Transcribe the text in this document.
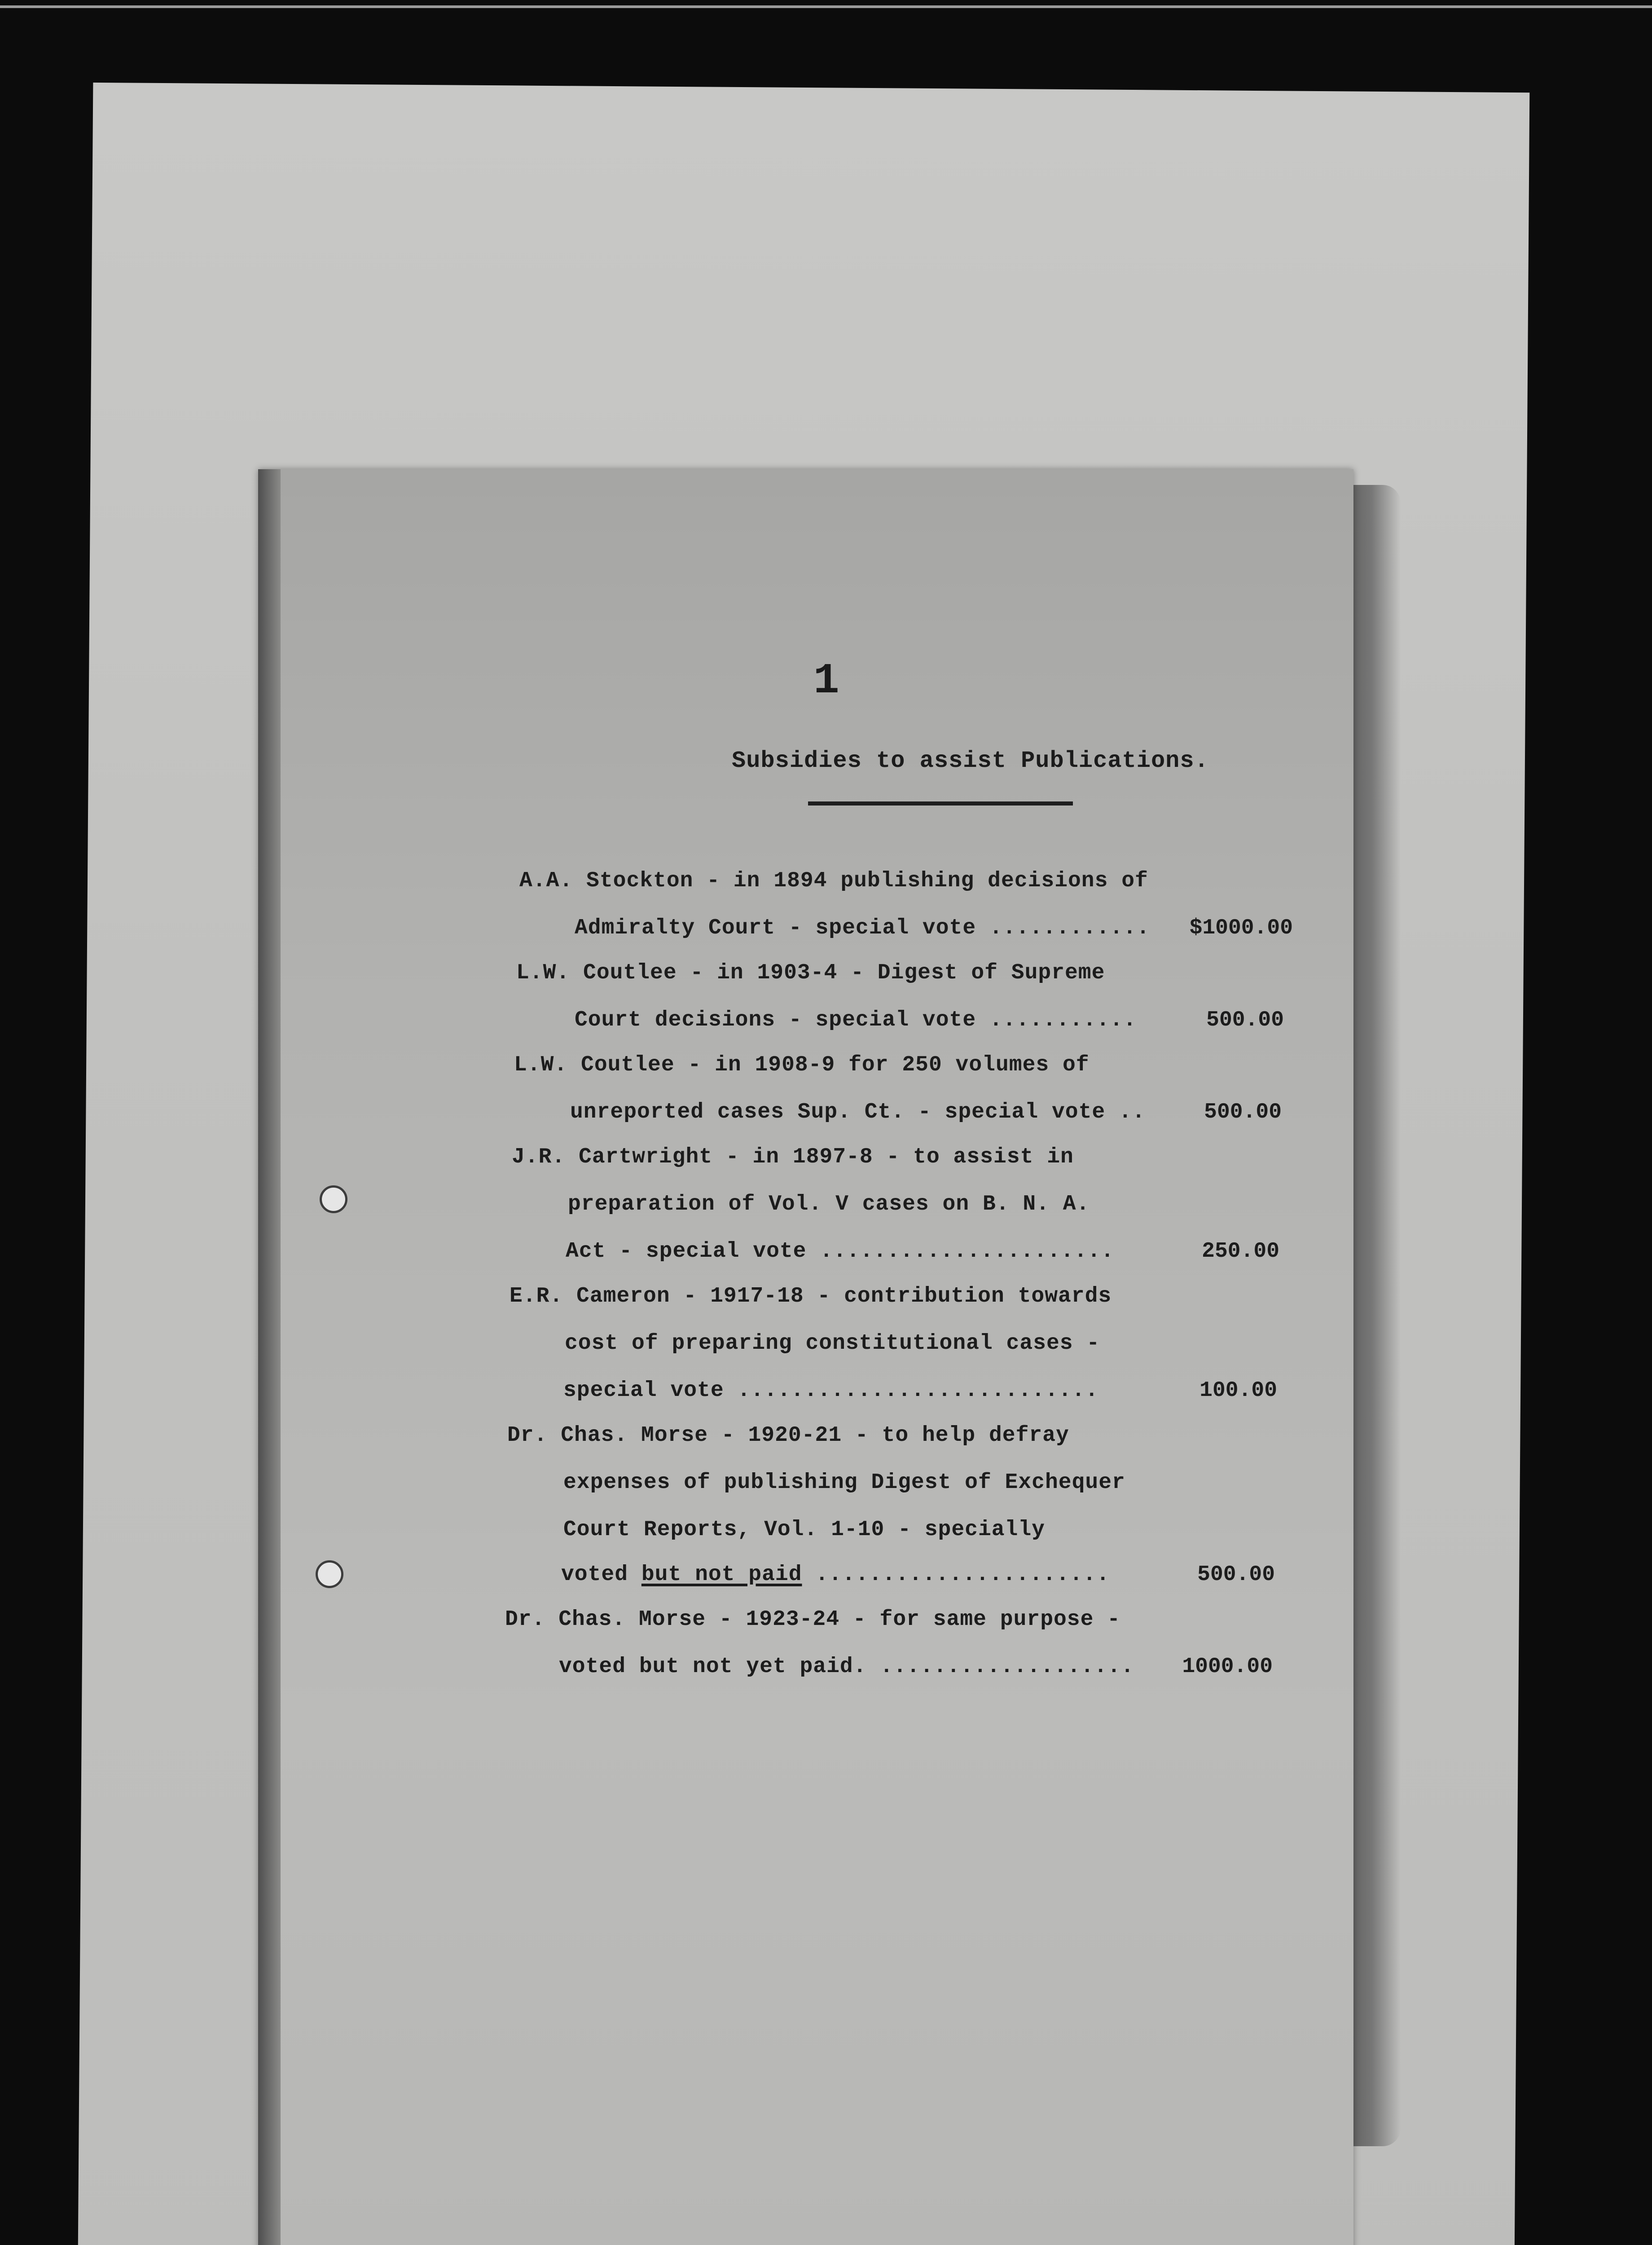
1
Subsidies to assist Publications.
A.A. Stockton - in 1894 publishing decisions of
Admiralty Court - special vote ............	$1000.00
L.W. Coutlee - in 1903-4 - Digest of Supreme
Court decisions - special vote ...........	500.00
L.W. Coutlee - in 1908-9 for 250 volumes of
unreported cases Sup. Ct. - special vote ..	500.00
J.R. Cartwright - in 1897-8 - to assist in
preparation of Vol. V cases on B. N. A.
Act - special vote ......................	250.00
E.R. Cameron - 1917-18 - contribution towards
cost of preparing constitutional cases -
special vote ...........................	100.00
Dr. Chas. Morse - 1920-21 - to help defray
expenses of publishing Digest of Exchequer
Court Reports, Vol. 1-10 - specially
voted but not paid ......................	500.00
Dr. Chas. Morse - 1923-24 - for same purpose -
voted but not yet paid. ...................	1000.00
